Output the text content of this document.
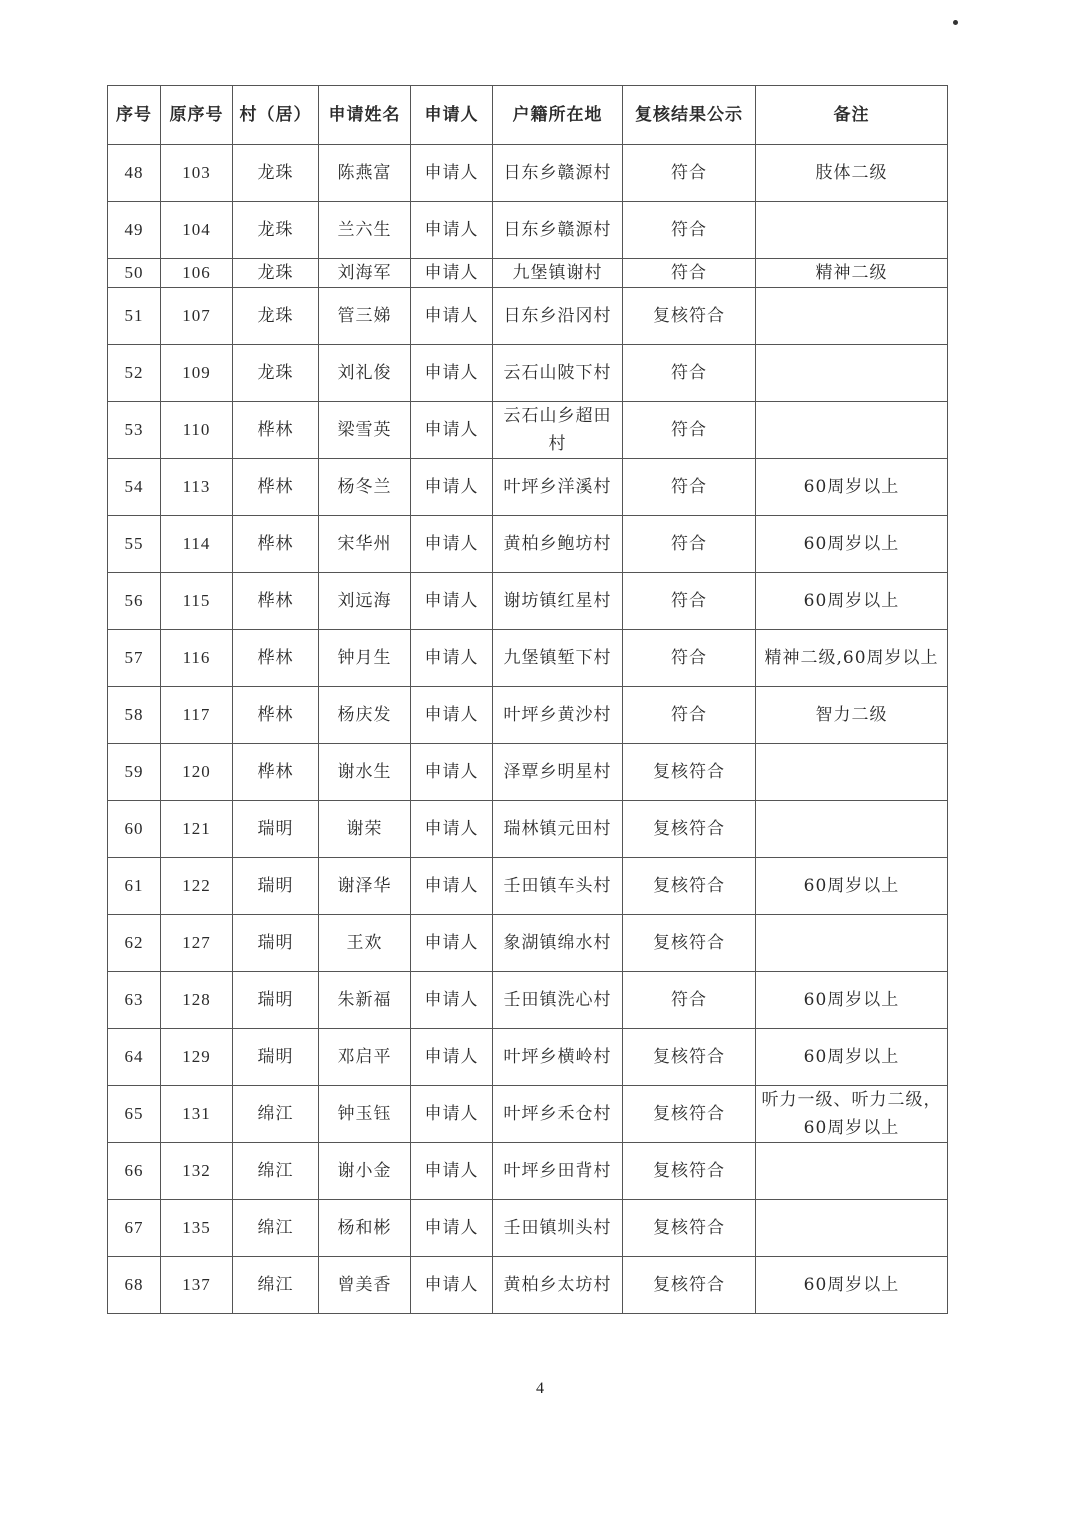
序号	原序号	村（居）	申请姓名	申请人	户籍所在地	复核结果公示	备注
48	103	龙珠	陈燕富	申请人	日东乡赣源村	符合	肢体二级
49	104	龙珠	兰六生	申请人	日东乡赣源村	符合	
50	106	龙珠	刘海军	申请人	九堡镇谢村	符合	精神二级
51	107	龙珠	管三娣	申请人	日东乡沿冈村	复核符合	
52	109	龙珠	刘礼俊	申请人	云石山陂下村	符合	
53	110	桦林	梁雪英	申请人	云石山乡超田村	符合	
54	113	桦林	杨冬兰	申请人	叶坪乡洋溪村	符合	60周岁以上
55	114	桦林	宋华州	申请人	黄柏乡鲍坊村	符合	60周岁以上
56	115	桦林	刘远海	申请人	谢坊镇红星村	符合	60周岁以上
57	116	桦林	钟月生	申请人	九堡镇堑下村	符合	精神二级,60周岁以上
58	117	桦林	杨庆发	申请人	叶坪乡黄沙村	符合	智力二级
59	120	桦林	谢水生	申请人	泽覃乡明星村	复核符合	
60	121	瑞明	谢荣	申请人	瑞林镇元田村	复核符合	
61	122	瑞明	谢泽华	申请人	壬田镇车头村	复核符合	60周岁以上
62	127	瑞明	王欢	申请人	象湖镇绵水村	复核符合	
63	128	瑞明	朱新福	申请人	壬田镇洗心村	符合	60周岁以上
64	129	瑞明	邓启平	申请人	叶坪乡横岭村	复核符合	60周岁以上
65	131	绵江	钟玉钰	申请人	叶坪乡禾仓村	复核符合	听力一级、听力二级，60周岁以上
66	132	绵江	谢小金	申请人	叶坪乡田背村	复核符合	
67	135	绵江	杨和彬	申请人	壬田镇圳头村	复核符合	
68	137	绵江	曾美香	申请人	黄柏乡太坊村	复核符合	60周岁以上
4
